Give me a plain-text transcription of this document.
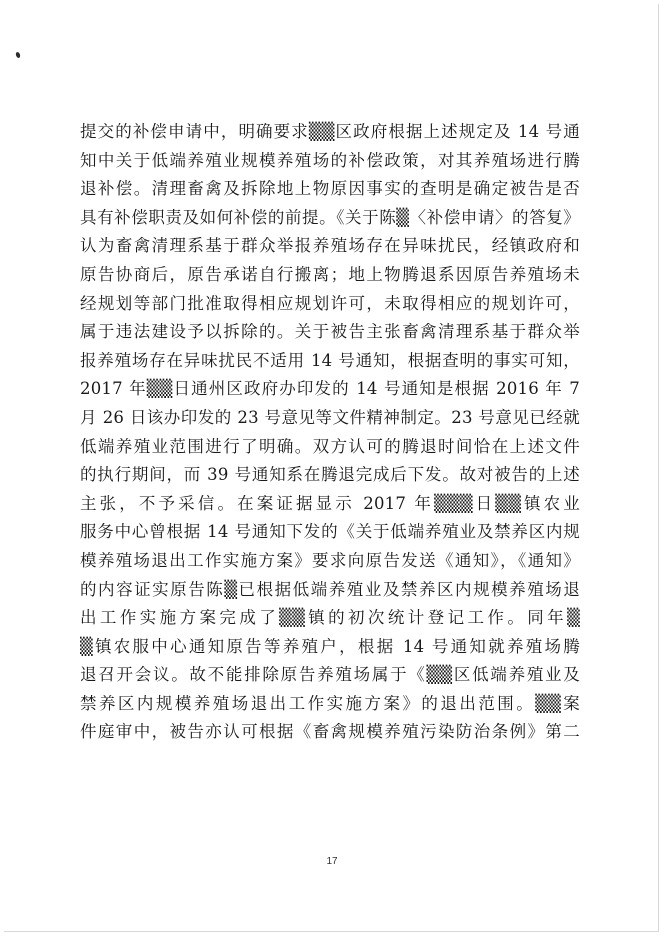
提交的补偿申请中，明确要求▒▒区政府根据上述规定及 14 号通
知中关于低端养殖业规模养殖场的补偿政策，对其养殖场进行腾
退补偿。清理畜禽及拆除地上物原因事实的查明是确定被告是否
具有补偿职责及如何补偿的前提。《关于陈▒〈补偿申请〉的答复》
认为畜禽清理系基于群众举报养殖场存在异味扰民，经镇政府和
原告协商后，原告承诺自行搬离；地上物腾退系因原告养殖场未
经规划等部门批准取得相应规划许可，未取得相应的规划许可，
属于违法建设予以拆除的。关于被告主张畜禽清理系基于群众举
报养殖场存在异味扰民不适用 14 号通知，根据查明的事实可知，
2017 年▒▒日通州区政府办印发的 14 号通知是根据 2016 年 7
月 26 日该办印发的 23 号意见等文件精神制定。23 号意见已经就
低端养殖业范围进行了明确。双方认可的腾退时间恰在上述文件
的执行期间，而 39 号通知系在腾退完成后下发。故对被告的上述
主张，不予采信。在案证据显示 2017 年▒▒▒日▒▒镇农业
服务中心曾根据 14 号通知下发的《关于低端养殖业及禁养区内规
模养殖场退出工作实施方案》要求向原告发送《通知》，《通知》
的内容证实原告陈▒已根据低端养殖业及禁养区内规模养殖场退
出工作实施方案完成了▒▒镇的初次统计登记工作。同年▒
▒镇农服中心通知原告等养殖户，根据 14 号通知就养殖场腾
退召开会议。故不能排除原告养殖场属于《▒▒区低端养殖业及
禁养区内规模养殖场退出工作实施方案》的退出范围。▒▒案
件庭审中，被告亦认可根据《畜禽规模养殖污染防治条例》第二
17
